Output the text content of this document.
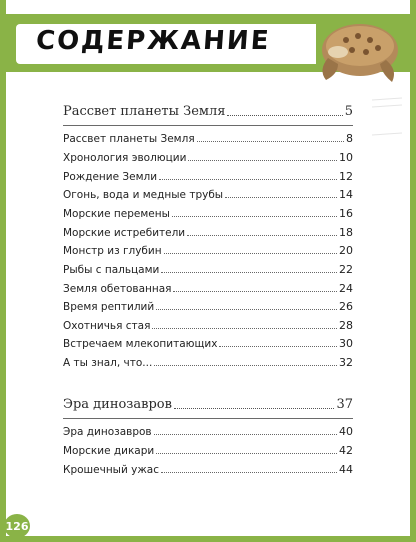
СОДЕРЖАНИЕ
Рассвет планеты Земля	5
Рассвет планеты Земля	8
Хронология эволюции	10
Рождение Земли	12
Огонь, вода и медные трубы	14
Морские перемены	16
Морские истребители	18
Монстр из глубин	20
Рыбы с пальцами	22
Земля обетованная	24
Время рептилий	26
Охотничья стая	28
Встречаем млекопитающих	30
А ты знал, что...	32
Эра динозавров	37
Эра динозавров	40
Морские дикари	42
Крошечный ужас	44
126
